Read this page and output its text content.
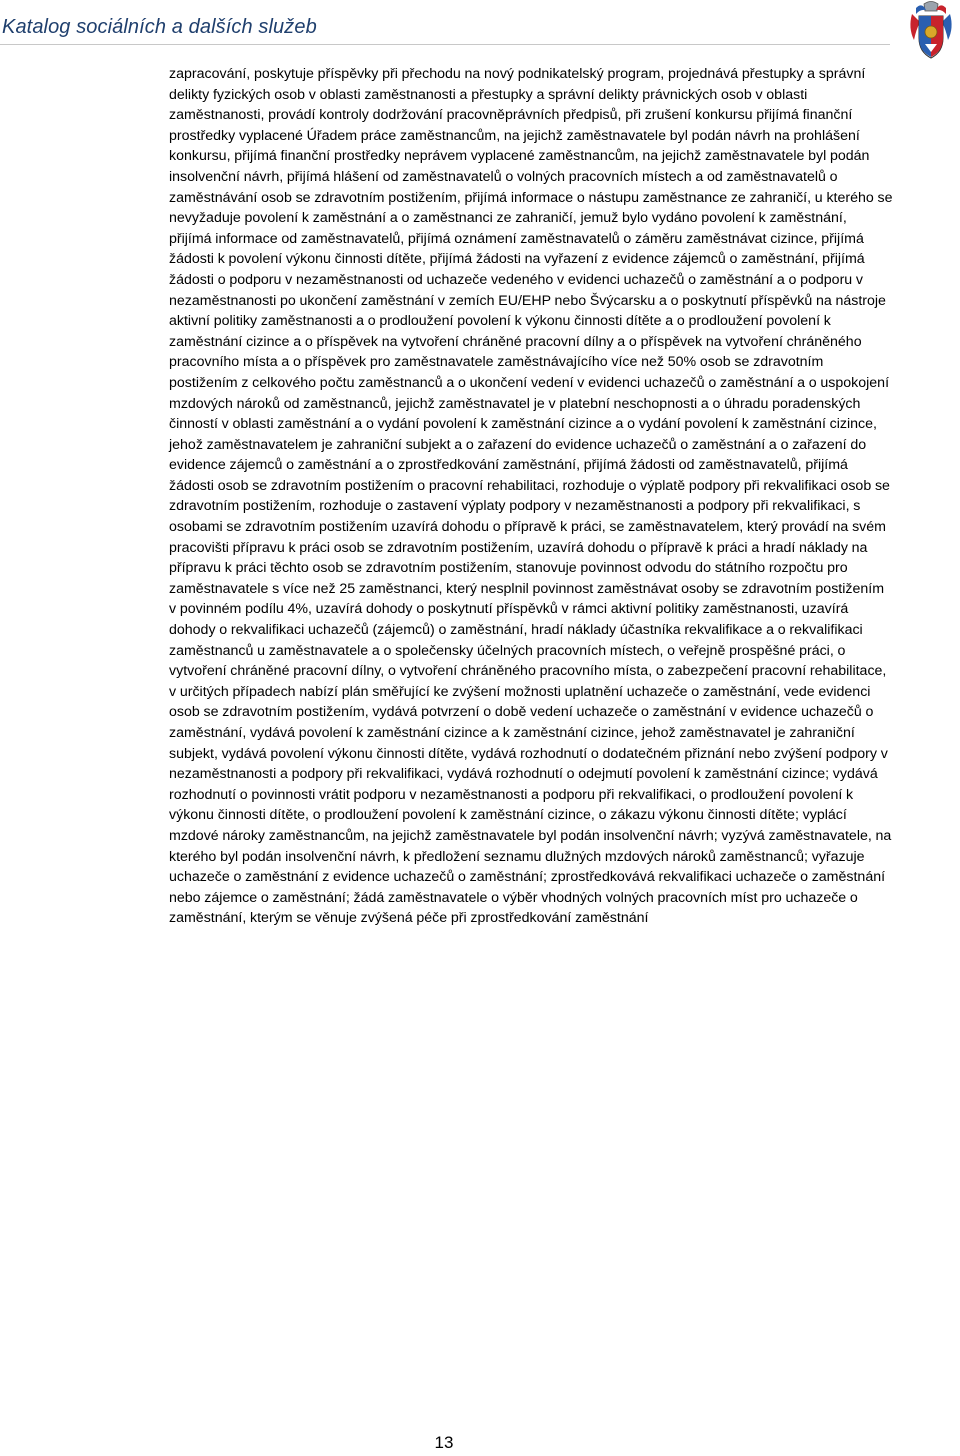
Katalog sociálních a dalších služeb

zapracování, poskytuje příspěvky při přechodu na nový podnikatelský program, projednává přestupky a správní delikty fyzických osob v oblasti zaměstnanosti a přestupky a správní delikty právnických osob v oblasti zaměstnanosti, provádí kontroly dodržování pracovněprávních předpisů, při zrušení konkursu přijímá finanční prostředky vyplacené Úřadem práce zaměstnancům, na jejichž zaměstnavatele byl podán návrh na prohlášení konkursu, přijímá finanční prostředky neprávem vyplacené zaměstnancům, na jejichž zaměstnavatele byl podán insolvenční návrh, přijímá hlášení od zaměstnavatelů o volných pracovních místech a od zaměstnavatelů o zaměstnávání osob se zdravotním postižením, přijímá informace o nástupu zaměstnance ze zahraničí, u kterého se nevyžaduje povolení k zaměstnání a o zaměstnanci ze zahraničí, jemuž bylo vydáno povolení k zaměstnání, přijímá informace od zaměstnavatelů, přijímá oznámení zaměstnavatelů o záměru zaměstnávat cizince, přijímá žádosti k povolení výkonu činnosti dítěte, přijímá žádosti na vyřazení z evidence zájemců o zaměstnání, přijímá žádosti o podporu v nezaměstnanosti od uchazeče vedeného v evidenci uchazečů o zaměstnání a o podporu v nezaměstnanosti po ukončení zaměstnání v zemích EU/EHP nebo Švýcarsku a o poskytnutí příspěvků na nástroje aktivní politiky zaměstnanosti a o prodloužení povolení k výkonu činnosti dítěte a o prodloužení povolení k zaměstnání cizince a o příspěvek na vytvoření chráněné pracovní dílny a o příspěvek na vytvoření chráněného pracovního místa a o příspěvek pro zaměstnavatele zaměstnávajícího více než 50% osob se zdravotním postižením z celkového počtu zaměstnanců a o ukončení vedení v evidenci uchazečů o zaměstnání a o uspokojení mzdových nároků od zaměstnanců, jejichž zaměstnavatel je v platební neschopnosti a o úhradu poradenských činností v oblasti zaměstnání a o vydání povolení k zaměstnání cizince a o vydání povolení k zaměstnání cizince, jehož zaměstnavatelem je zahraniční subjekt a o zařazení do evidence uchazečů o zaměstnání a o zařazení do evidence zájemců o zaměstnání a o zprostředkování zaměstnání, přijímá žádosti od zaměstnavatelů, přijímá žádosti osob se zdravotním postižením o pracovní rehabilitaci, rozhoduje o výplatě podpory při rekvalifikaci osob se zdravotním postižením, rozhoduje o zastavení výplaty podpory v nezaměstnanosti a podpory při rekvalifikaci, s osobami se zdravotním postižením uzavírá dohodu o přípravě k práci, se zaměstnavatelem, který provádí na svém pracovišti přípravu k práci osob se zdravotním postižením, uzavírá dohodu o přípravě k práci a hradí náklady na přípravu k práci těchto osob se zdravotním postižením, stanovuje povinnost odvodu do státního rozpočtu pro zaměstnavatele s více než 25 zaměstnanci, který nesplnil povinnost zaměstnávat osoby se zdravotním postižením v povinném podílu 4%, uzavírá dohody o poskytnutí příspěvků v rámci aktivní politiky zaměstnanosti, uzavírá dohody o rekvalifikaci uchazečů (zájemců) o zaměstnání, hradí náklady účastníka rekvalifikace a o rekvalifikaci zaměstnanců u zaměstnavatele a o společensky účelných pracovních místech, o veřejně prospěšné práci, o vytvoření chráněné pracovní dílny, o vytvoření chráněného pracovního místa, o zabezpečení pracovní rehabilitace, v určitých případech nabízí plán směřující ke zvýšení možnosti uplatnění uchazeče o zaměstnání, vede evidenci osob se zdravotním postižením, vydává potvrzení o době vedení uchazeče o zaměstnání v evidence uchazečů o zaměstnání, vydává povolení k zaměstnání cizince a k zaměstnání cizince, jehož zaměstnavatel je zahraniční subjekt, vydává povolení výkonu činnosti dítěte, vydává rozhodnutí o dodatečném přiznání nebo zvýšení podpory v nezaměstnanosti a podpory při rekvalifikaci, vydává rozhodnutí o odejmutí povolení k zaměstnání cizince; vydává rozhodnutí o povinnosti vrátit podporu v nezaměstnanosti a podporu při rekvalifikaci, o prodloužení povolení k výkonu činnosti dítěte, o prodloužení povolení k zaměstnání cizince, o zákazu výkonu činnosti dítěte; vyplácí mzdové nároky zaměstnancům, na jejichž zaměstnavatele byl podán insolvenční návrh; vyzývá zaměstnavatele, na kterého byl podán insolvenční návrh, k předložení seznamu dlužných mzdových nároků zaměstnanců; vyřazuje uchazeče o zaměstnání z evidence uchazečů o zaměstnání; zprostředkovává rekvalifikaci uchazeče o zaměstnání nebo zájemce o zaměstnání; žádá zaměstnavatele o výběr vhodných volných pracovních míst pro uchazeče o zaměstnání, kterým se věnuje zvýšená péče při zprostředkování zaměstnání

13
